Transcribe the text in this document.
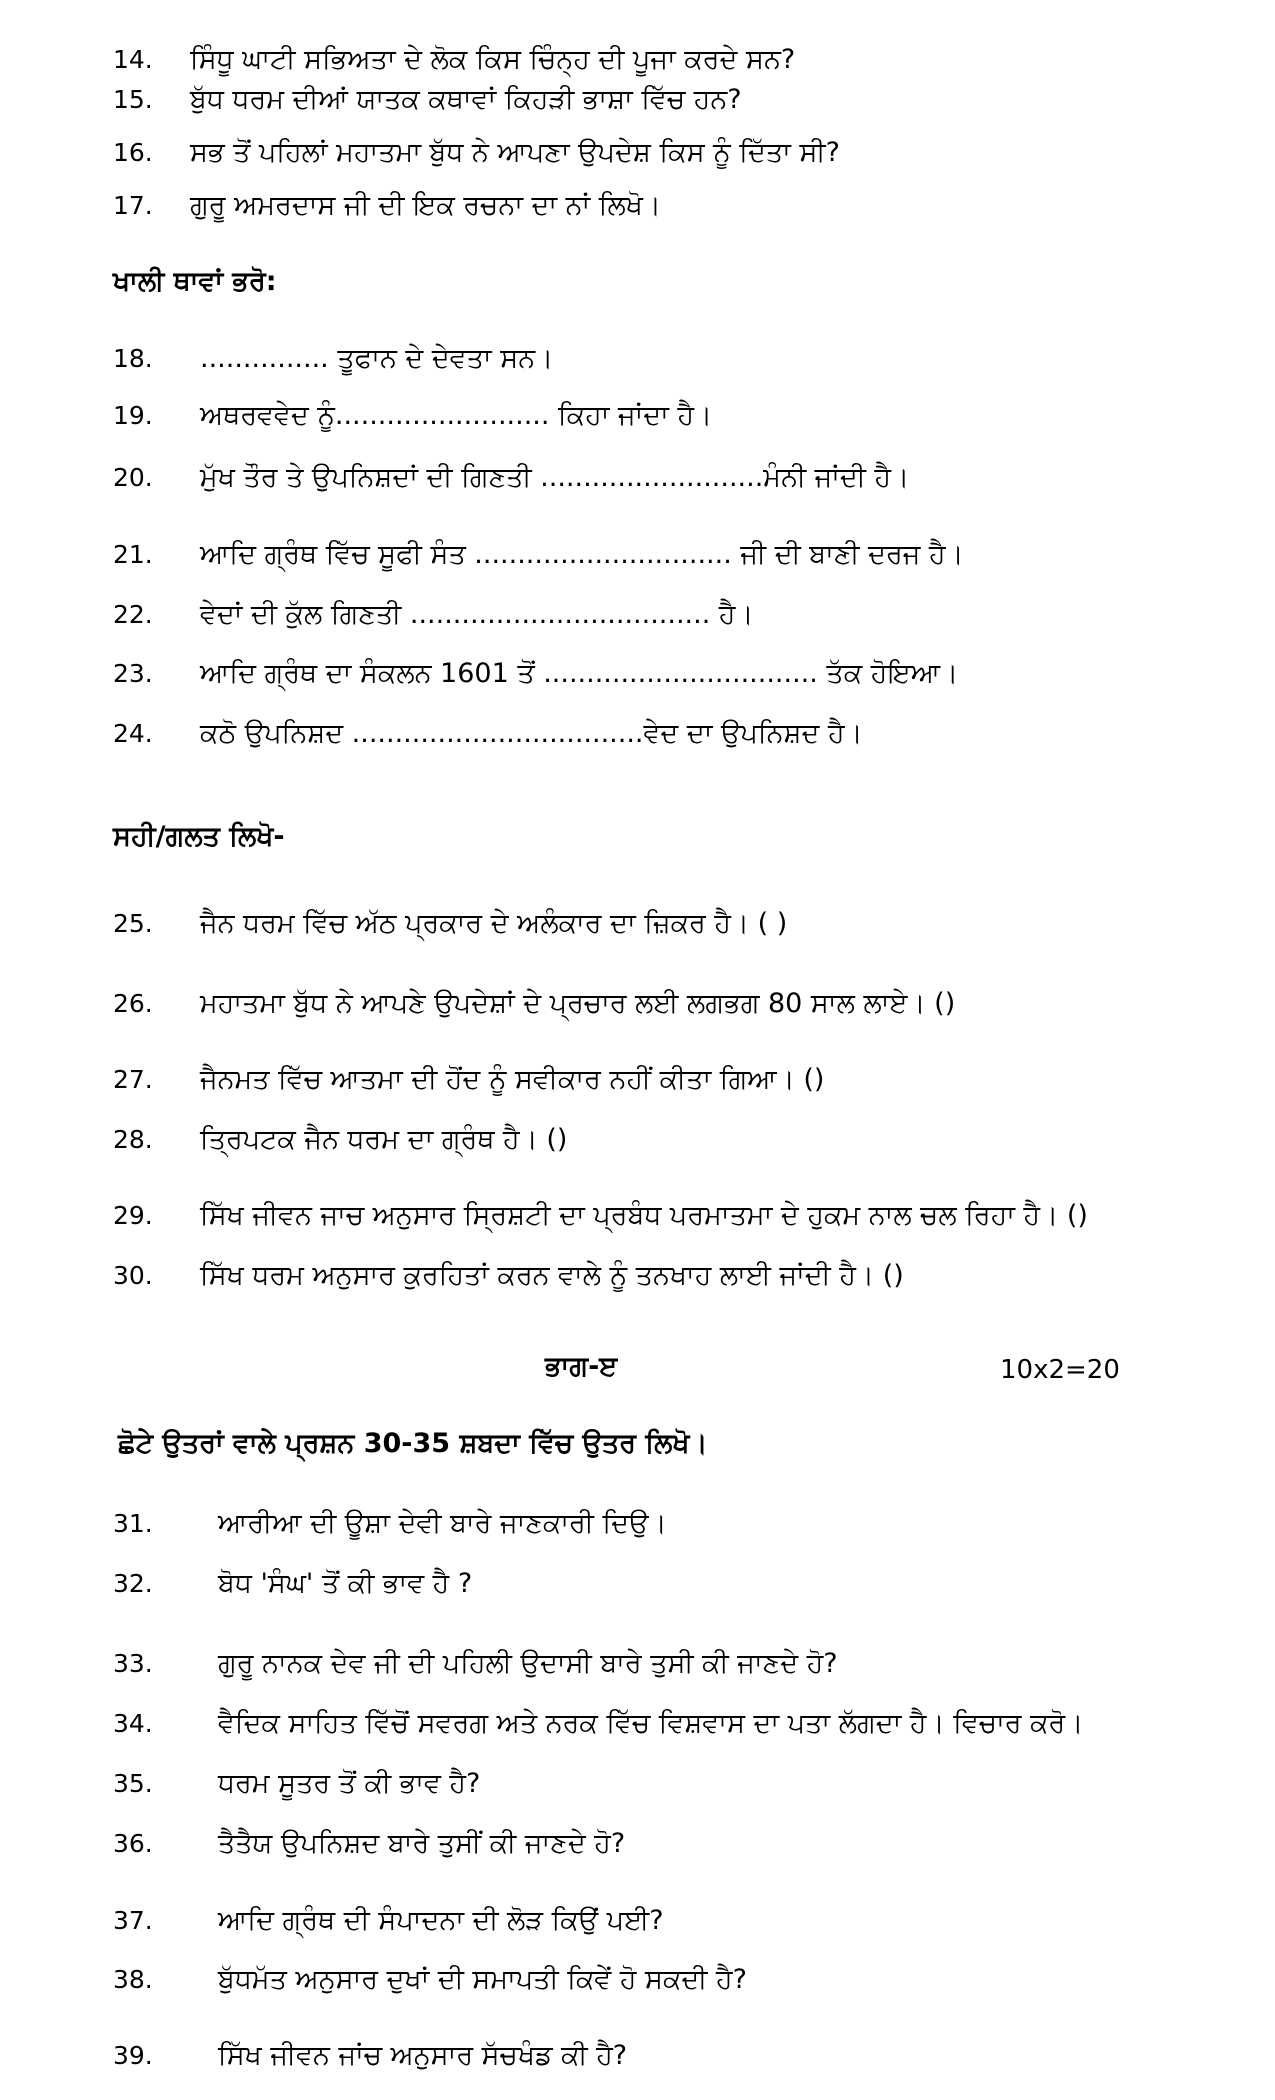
14. ਸਿੰਧੂ ਘਾਟੀ ਸਭਿਅਤਾ ਦੇ ਲੋਕ ਕਿਸ ਚਿੰਨ੍ਹ ਦੀ ਪੂਜਾ ਕਰਦੇ ਸਨ?
15. ਬੁੱਧ ਧਰਮ ਦੀਆਂ ਯਾਤਕ ਕਥਾਵਾਂ ਕਿਹੜੀ ਭਾਸ਼ਾ ਵਿੱਚ ਹਨ?
16. ਸਭ ਤੋਂ ਪਹਿਲਾਂ ਮਹਾਤਮਾ ਬੁੱਧ ਨੇ ਆਪਣਾ ਉਪਦੇਸ਼ ਕਿਸ ਨੂੰ ਦਿੱਤਾ ਸੀ?
17. ਗੁਰੂ ਅਮਰਦਾਸ ਜੀ ਦੀ ਇਕ ਰਚਨਾ ਦਾ ਨਾਂ ਲਿਖੋ।
ਖਾਲੀ ਥਾਵਾਂ ਭਰੋ:
18. ............... ਤੂਫਾਨ ਦੇ ਦੇਵਤਾ ਸਨ।
19. ਅਥਰਵਵੇਦ ਨੂੰ......................... ਕਿਹਾ ਜਾਂਦਾ ਹੈ।
20. ਮੁੱਖ ਤੌਰ ਤੇ ਉਪਨਿਸ਼ਦਾਂ ਦੀ ਗਿਣਤੀ ..........................ਮੰਨੀ ਜਾਂਦੀ ਹੈ।
21. ਆਦਿ ਗ੍ਰੰਥ ਵਿੱਚ ਸੂਫੀ ਸੰਤ .............................. ਜੀ ਦੀ ਬਾਣੀ ਦਰਜ ਹੈ।
22. ਵੇਦਾਂ ਦੀ ਕੁੱਲ ਗਿਣਤੀ ................................... ਹੈ।
23. ਆਦਿ ਗ੍ਰੰਥ ਦਾ ਸੰਕਲਨ 1601 ਤੋਂ ................................ ਤੱਕ ਹੋਇਆ।
24. ਕਠੋ ਉਪਨਿਸ਼ਦ ..................................ਵੇਦ ਦਾ ਉਪਨਿਸ਼ਦ ਹੈ।
ਸਹੀ/ਗਲਤ ਲਿਖੋ-
25. ਜੈਨ ਧਰਮ ਵਿੱਚ ਅੱਠ ਪ੍ਰਕਾਰ ਦੇ ਅਲੰਕਾਰ ਦਾ ਜ਼ਿਕਰ ਹੈ। ( )
26. ਮਹਾਤਮਾ ਬੁੱਧ ਨੇ ਆਪਣੇ ਉਪਦੇਸ਼ਾਂ ਦੇ ਪ੍ਰਚਾਰ ਲਈ ਲਗਭਗ 80 ਸਾਲ ਲਾਏ। ()
27. ਜੈਨਮਤ ਵਿੱਚ ਆਤਮਾ ਦੀ ਹੋਂਦ ਨੂੰ ਸਵੀਕਾਰ ਨਹੀਂ ਕੀਤਾ ਗਿਆ। ()
28. ਤ੍ਰਿਪਟਕ ਜੈਨ ਧਰਮ ਦਾ ਗ੍ਰੰਥ ਹੈ। ()
29. ਸਿੱਖ ਜੀਵਨ ਜਾਚ ਅਨੁਸਾਰ ਸ੍ਰਿਸ਼ਟੀ ਦਾ ਪ੍ਰਬੰਧ ਪਰਮਾਤਮਾ ਦੇ ਹੁਕਮ ਨਾਲ ਚਲ ਰਿਹਾ ਹੈ। ()
30. ਸਿੱਖ ਧਰਮ ਅਨੁਸਾਰ ਕੁਰਹਿਤਾਂ ਕਰਨ ਵਾਲੇ ਨੂੰ ਤਨਖਾਹ ਲਾਈ ਜਾਂਦੀ ਹੈ। ()
ਭਾਗ-ੲ	10x2=20
ਛੋਟੇ ਉਤਰਾਂ ਵਾਲੇ ਪ੍ਰਸ਼ਨ 30-35 ਸ਼ਬਦਾ ਵਿੱਚ ਉਤਰ ਲਿਖੋ।
31. ਆਰੀਆ ਦੀ ਊਸ਼ਾ ਦੇਵੀ ਬਾਰੇ ਜਾਣਕਾਰੀ ਦਿਉ।
32. ਬੋਧ 'ਸੰਘ' ਤੋਂ ਕੀ ਭਾਵ ਹੈ ?
33. ਗੁਰੂ ਨਾਨਕ ਦੇਵ ਜੀ ਦੀ ਪਹਿਲੀ ਉਦਾਸੀ ਬਾਰੇ ਤੁਸੀ ਕੀ ਜਾਣਦੇ ਹੋ?
34. ਵੈਦਿਕ ਸਾਹਿਤ ਵਿੱਚੋਂ ਸਵਰਗ ਅਤੇ ਨਰਕ ਵਿੱਚ ਵਿਸ਼ਵਾਸ ਦਾ ਪਤਾ ਲੱਗਦਾ ਹੈ। ਵਿਚਾਰ ਕਰੋ।
35. ਧਰਮ ਸੂਤਰ ਤੋਂ ਕੀ ਭਾਵ ਹੈ?
36. ਤੈਤੈਯ ਉਪਨਿਸ਼ਦ ਬਾਰੇ ਤੁਸੀਂ ਕੀ ਜਾਣਦੇ ਹੋ?
37. ਆਦਿ ਗ੍ਰੰਥ ਦੀ ਸੰਪਾਦਨਾ ਦੀ ਲੋੜ ਕਿਉਂ ਪਈ?
38. ਬੁੱਧਮੱਤ ਅਨੁਸਾਰ ਦੁਖਾਂ ਦੀ ਸਮਾਪਤੀ ਕਿਵੇਂ ਹੋ ਸਕਦੀ ਹੈ?
39. ਸਿੱਖ ਜੀਵਨ ਜਾਂਚ ਅਨੁਸਾਰ ਸੱਚਖੰਡ ਕੀ ਹੈ?
